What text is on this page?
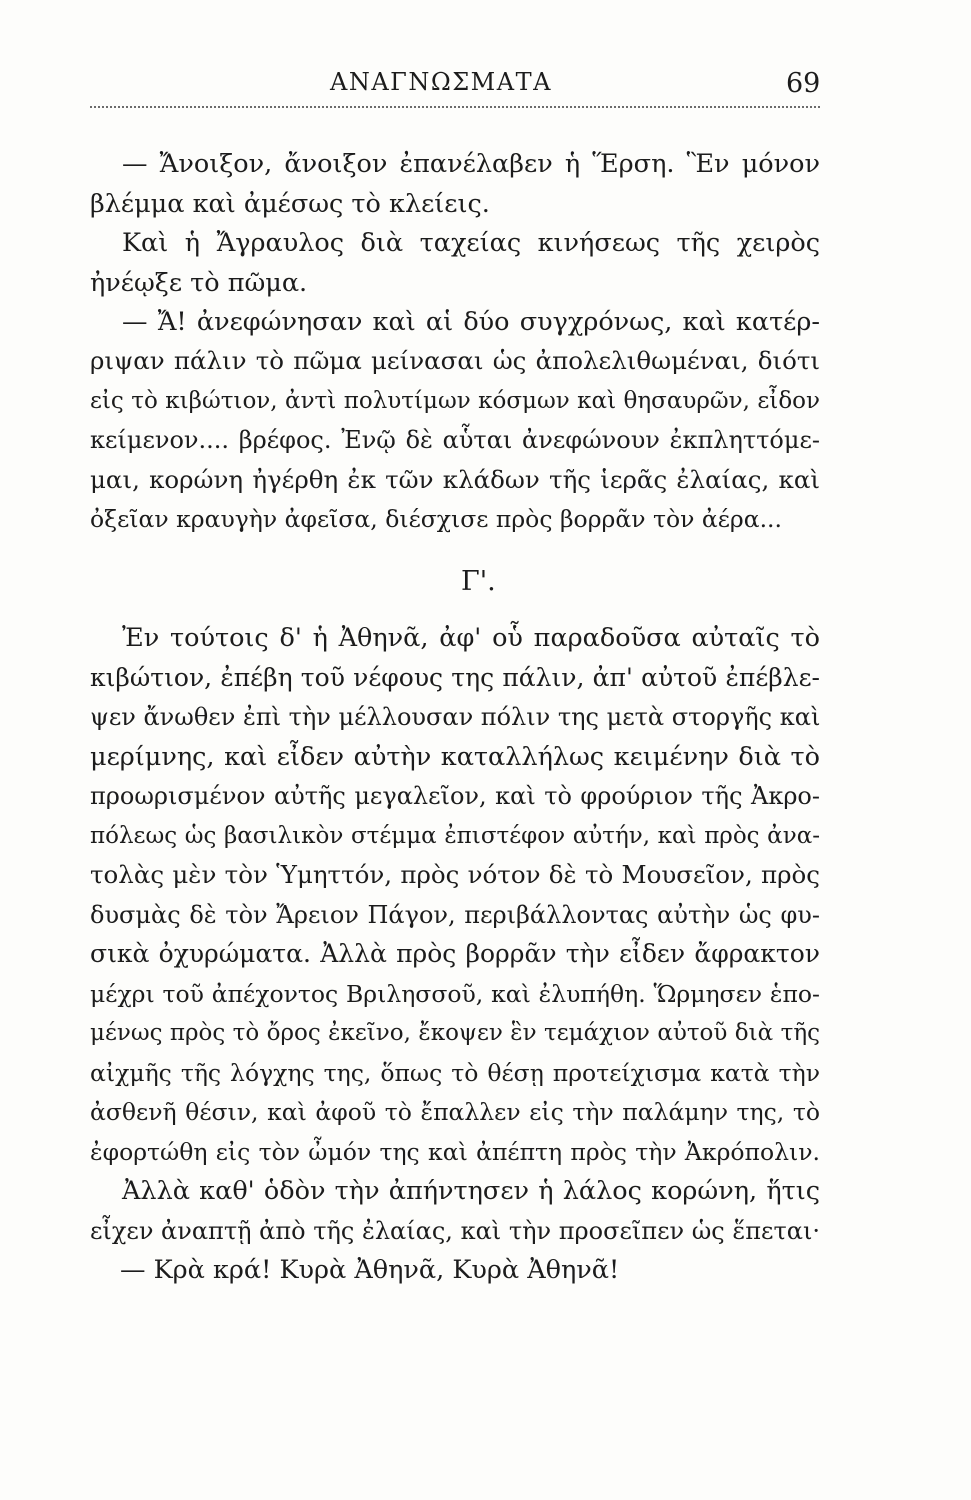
ΑΝΑΓΝΩΣΜΑΤΑ	69
— Ἄνοιξον, ἄνοιξον ἐπανέλαβεν ἡ Ἕρση. Ἓν μόνον
βλέμμα καὶ ἀμέσως τὸ κλείεις.
Καὶ ἡ Ἄγραυλος διὰ ταχείας κινήσεως τῆς χειρὸς
ἠνέῳξε τὸ πῶμα.
— Ἄ! ἀνεφώνησαν καὶ αἱ δύο συγχρόνως, καὶ κατέρ-
ριψαν πάλιν τὸ πῶμα μείνασαι ὡς ἀπολελιθωμέναι, διότι
εἰς τὸ κιβώτιον, ἀντὶ πολυτίμων κόσμων καὶ θησαυρῶν, εἶδον
κείμενον.... βρέφος. Ἐνῷ δὲ αὗται ἀνεφώνουν ἐκπληττόμε-
μαι, κορώνη ἠγέρθη ἐκ τῶν κλάδων τῆς ἱερᾶς ἐλαίας, καὶ
ὀξεῖαν κραυγὴν ἀφεῖσα, διέσχισε πρὸς βορρᾶν τὸν ἀέρα...
Γ'.
Ἐν τούτοις δ' ἡ Ἀθηνᾶ, ἀφ' οὗ παραδοῦσα αὐταῖς τὸ
κιβώτιον, ἐπέβη τοῦ νέφους της πάλιν, ἀπ' αὐτοῦ ἐπέβλε-
ψεν ἄνωθεν ἐπὶ τὴν μέλλουσαν πόλιν της μετὰ στοργῆς καὶ
μερίμνης, καὶ εἶδεν αὐτὴν καταλλήλως κειμένην διὰ τὸ
προωρισμένον αὐτῆς μεγαλεῖον, καὶ τὸ φρούριον τῆς Ἀκρο-
πόλεως ὡς βασιλικὸν στέμμα ἐπιστέφον αὐτήν, καὶ πρὸς ἀνα-
τολὰς μὲν τὸν Ὑμηττόν, πρὸς νότον δὲ τὸ Μουσεῖον, πρὸς
δυσμὰς δὲ τὸν Ἄρειον Πάγον, περιβάλλοντας αὐτὴν ὡς φυ-
σικὰ ὀχυρώματα. Ἀλλὰ πρὸς βορρᾶν τὴν εἶδεν ἄφρακτον
μέχρι τοῦ ἀπέχοντος Βριλησσοῦ, καὶ ἐλυπήθη. Ὥρμησεν ἑπο-
μένως πρὸς τὸ ὄρος ἐκεῖνο, ἔκοψεν ἓν τεμάχιον αὐτοῦ διὰ τῆς
αἰχμῆς τῆς λόγχης της, ὅπως τὸ θέσῃ προτείχισμα κατὰ τὴν
ἀσθενῆ θέσιν, καὶ ἀφοῦ τὸ ἔπαλλεν εἰς τὴν παλάμην της, τὸ
ἐφορτώθη εἰς τὸν ὦμόν της καὶ ἀπέπτη πρὸς τὴν Ἀκρόπολιν.
Ἀλλὰ καθ' ὁδὸν τὴν ἀπήντησεν ἡ λάλος κορώνη, ἥτις
εἶχεν ἀναπτῇ ἀπὸ τῆς ἐλαίας, καὶ τὴν προσεῖπεν ὡς ἕπεται·
— Κρὰ κρά! Κυρὰ Ἀθηνᾶ, Κυρὰ Ἀθηνᾶ!
